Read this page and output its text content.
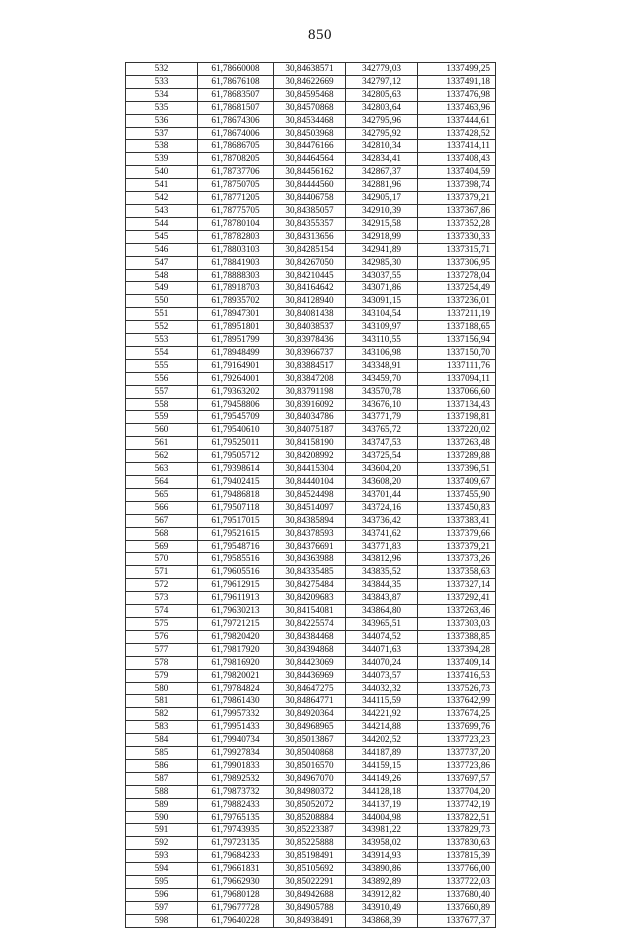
850
532	61,78660008	30,84638571	342779,03	1337499,25
533	61,78676108	30,84622669	342797,12	1337491,18
534	61,78683507	30,84595468	342805,63	1337476,98
535	61,78681507	30,84570868	342803,64	1337463,96
536	61,78674306	30,84534468	342795,96	1337444,61
537	61,78674006	30,84503968	342795,92	1337428,52
538	61,78686705	30,84476166	342810,34	1337414,11
539	61,78708205	30,84464564	342834,41	1337408,43
540	61,78737706	30,84456162	342867,37	1337404,59
541	61,78750705	30,84444560	342881,96	1337398,74
542	61,78771205	30,84406758	342905,17	1337379,21
543	61,78775705	30,84385057	342910,39	1337367,86
544	61,78780104	30,84355357	342915,58	1337352,28
545	61,78782803	30,84313656	342918,99	1337330,33
546	61,78803103	30,84285154	342941,89	1337315,71
547	61,78841903	30,84267050	342985,30	1337306,95
548	61,78888303	30,84210445	343037,55	1337278,04
549	61,78918703	30,84164642	343071,86	1337254,49
550	61,78935702	30,84128940	343091,15	1337236,01
551	61,78947301	30,84081438	343104,54	1337211,19
552	61,78951801	30,84038537	343109,97	1337188,65
553	61,78951799	30,83978436	343110,55	1337156,94
554	61,78948499	30,83966737	343106,98	1337150,70
555	61,79164901	30,83884517	343348,91	1337111,76
556	61,79264001	30,83847208	343459,70	1337094,11
557	61,79363202	30,83791198	343570,78	1337066,60
558	61,79458806	30,83916092	343676,10	1337134,43
559	61,79545709	30,84034786	343771,79	1337198,81
560	61,79540610	30,84075187	343765,72	1337220,02
561	61,79525011	30,84158190	343747,53	1337263,48
562	61,79505712	30,84208992	343725,54	1337289,88
563	61,79398614	30,84415304	343604,20	1337396,51
564	61,79402415	30,84440104	343608,20	1337409,67
565	61,79486818	30,84524498	343701,44	1337455,90
566	61,79507118	30,84514097	343724,16	1337450,83
567	61,79517015	30,84385894	343736,42	1337383,41
568	61,79521615	30,84378593	343741,62	1337379,66
569	61,79548716	30,84376691	343771,83	1337379,21
570	61,79585516	30,84363988	343812,96	1337373,26
571	61,79605516	30,84335485	343835,52	1337358,63
572	61,79612915	30,84275484	343844,35	1337327,14
573	61,79611913	30,84209683	343843,87	1337292,41
574	61,79630213	30,84154081	343864,80	1337263,46
575	61,79721215	30,84225574	343965,51	1337303,03
576	61,79820420	30,84384468	344074,52	1337388,85
577	61,79817920	30,84394868	344071,63	1337394,28
578	61,79816920	30,84423069	344070,24	1337409,14
579	61,79820021	30,84436969	344073,57	1337416,53
580	61,79784824	30,84647275	344032,32	1337526,73
581	61,79861430	30,84864771	344115,59	1337642,99
582	61,79957332	30,84920364	344221,92	1337674,25
583	61,79951433	30,84968965	344214,88	1337699,76
584	61,79940734	30,85013867	344202,52	1337723,23
585	61,79927834	30,85040868	344187,89	1337737,20
586	61,79901833	30,85016570	344159,15	1337723,86
587	61,79892532	30,84967070	344149,26	1337697,57
588	61,79873732	30,84980372	344128,18	1337704,20
589	61,79882433	30,85052072	344137,19	1337742,19
590	61,79765135	30,85208884	344004,98	1337822,51
591	61,79743935	30,85223387	343981,22	1337829,73
592	61,79723135	30,85225888	343958,02	1337830,63
593	61,79684233	30,85198491	343914,93	1337815,39
594	61,79661831	30,85105692	343890,86	1337766,00
595	61,79662930	30,85022291	343892,89	1337722,03
596	61,79680128	30,84942688	343912,82	1337680,40
597	61,79677728	30,84905788	343910,49	1337660,89
598	61,79640228	30,84938491	343868,39	1337677,37
